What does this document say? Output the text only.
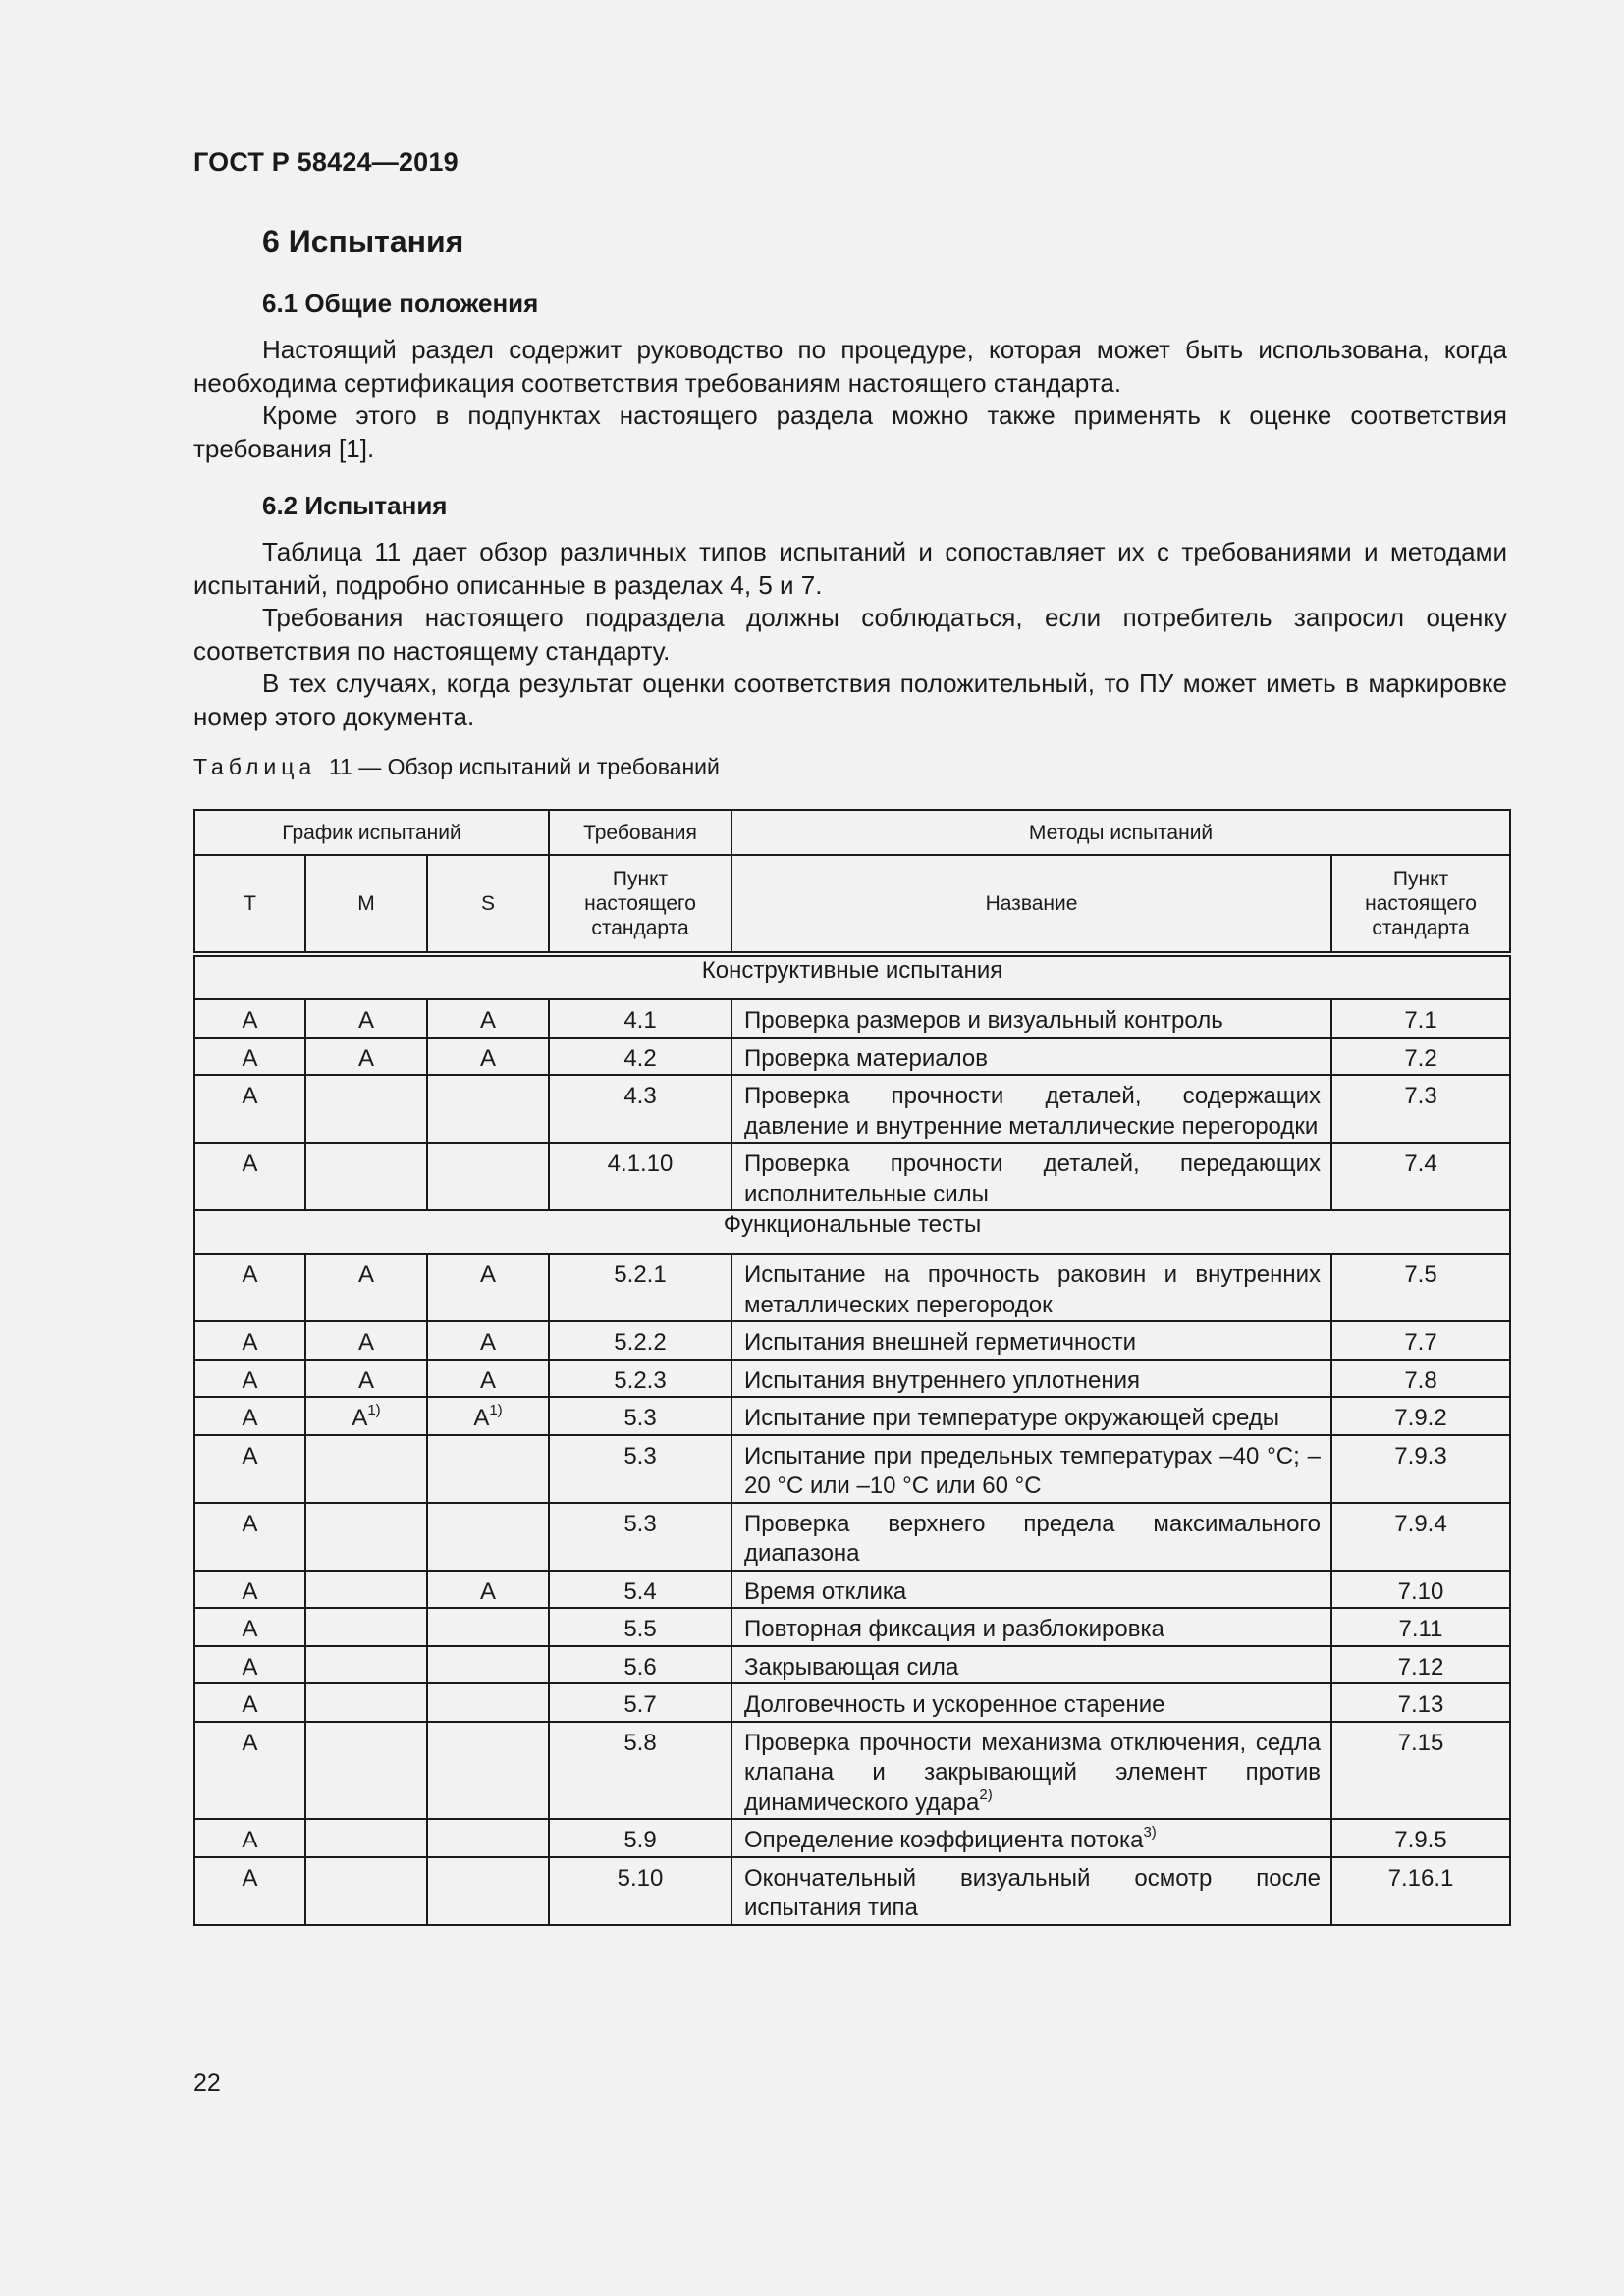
ГОСТ Р 58424—2019
6 Испытания
6.1 Общие положения

Настоящий раздел содержит руководство по процедуре, которая может быть использована, когда необходима сертификация соответствия требованиям настоящего стандарта.

Кроме этого в подпунктах настоящего раздела можно также применять к оценке соответствия требования [1].

6.2 Испытания

Таблица 11 дает обзор различных типов испытаний и сопоставляет их с требованиями и методами испытаний, подробно описанные в разделах 4, 5 и 7.

Требования настоящего подраздела должны соблюдаться, если потребитель запросил оценку соответствия по настоящему стандарту.

В тех случаях, когда результат оценки соответствия положительный, то ПУ может иметь в маркировке номер этого документа.

Таблица 11 — Обзор испытаний и требований
График испытаний			Требования	Методы испытаний	
T	M	S	Пункт настоящего стандарта	Название	Пункт настоящего стандарта
Конструктивные испытания					

A	A	A	4.1	Проверка размеров и визуальный контроль	7.1

A	A	A	4.2	Проверка материалов	7.2

A			4.3	Проверка прочности деталей, содержащих давление и внутренние металлические перегородки	7.3

A			4.1.10	Проверка прочности деталей, передающих исполнительные силы	7.4

Функциональные тесты					

A	A	A	5.2.1	Испытание на прочность раковин и внутренних металлических перегородок	7.5

A	A	A	5.2.2	Испытания внешней герметичности	7.7

A	A	A	5.2.3	Испытания внутреннего уплотнения	7.8

A	$A^{1)}$	$A^{1)}$	5.3	Испытание при температуре окружающей среды	7.9.2

A			5.3	Испытание при предельных температурах –40 °C; –20 °C или –10 °C или 60 °C	7.9.3

A			5.3	Проверка верхнего предела максимального диапазона	7.9.4

A		A	5.4	Время отклика	7.10

A			5.5	Повторная фиксация и разблокировка	7.11

A			5.6	Закрывающая сила	7.12

A			5.7	Долговечность и ускоренное старение	7.13

A			5.8	Проверка прочности механизма отключения, седла клапана и закрывающий элемент против динамического удара$^{2)}$	7.15

A			5.9	Определение коэффициента потока$^{3)}$	7.9.5

A			5.10	Окончательный визуальный осмотр после испытания типа	7.16.1
22
